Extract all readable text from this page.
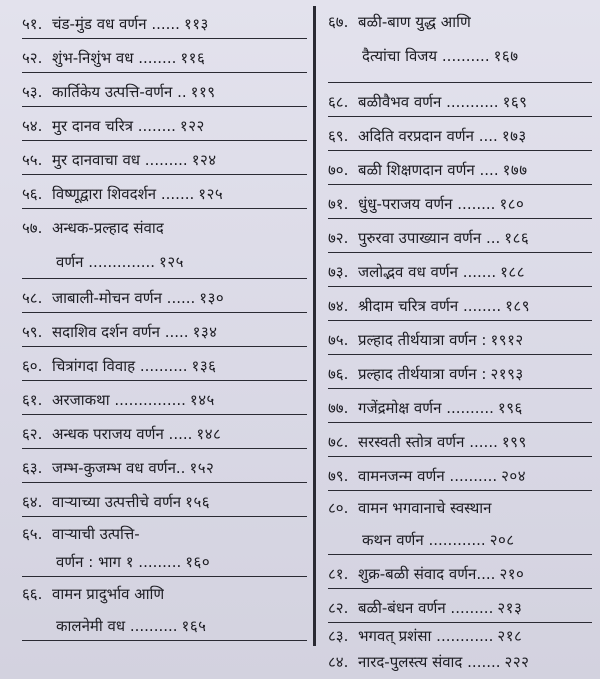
५१. चंड-मुंड वध वर्णन ...... ११३
५२. शुंभ-निशुंभ वध ........ ११६
५३. कार्तिकेय उत्पत्ति-वर्णन .. ११९
५४. मुर दानव चरित्र ........ १२२
५५. मुर दानवाचा वध ......... १२४
५६. विष्णूद्वारा शिवदर्शन ....... १२५
५७. अन्धक-प्रल्हाद संवाद
वर्णन .............. १२५
५८. जाबाली-मोचन वर्णन ...... १३०
५९. सदाशिव दर्शन वर्णन ..... १३४
६०. चित्रांगदा विवाह .......... १३६
६१. अरजाकथा ............... १४५
६२. अन्धक पराजय वर्णन ..... १४८
६३. जम्भ-कुजम्भ वध वर्णन.. १५२
६४. वाऱ्याच्या उत्पत्तीचे वर्णन १५६
६५. वाऱ्याची उत्पत्ति-
वर्णन : भाग १ ......... १६०
६६. वामन प्रादुर्भाव आणि
कालनेमी वध .......... १६५
६७. बळी-बाण युद्ध आणि
दैत्यांचा विजय .......... १६७
६८. बळीवैभव वर्णन ........... १६९
६९. अदिति वरप्रदान वर्णन .... १७३
७०. बळी शिक्षणदान वर्णन .... १७७
७१. धुंधु-पराजय वर्णन ........ १८०
७२. पुरुरवा उपाख्यान वर्णन ... १८६
७३. जलोद्भव वध वर्णन ....... १८८
७४. श्रीदाम चरित्र वर्णन ........ १८९
७५. प्रल्हाद तीर्थयात्रा वर्णन : १९१२
७६. प्रल्हाद तीर्थयात्रा वर्णन : २१९३
७७. गजेंद्रमोक्ष वर्णन .......... १९६
७८. सरस्वती स्तोत्र वर्णन ...... १९९
७९. वामनजन्म वर्णन .......... २०४
८०. वामन भगवानाचे स्वस्थान
कथन वर्णन ............ २०८
८१. शुक्र-बळी संवाद वर्णन.... २१०
८२. बळी-बंधन वर्णन ......... २१३
८३. भगवत् प्रशंसा ............ २१८
८४. नारद-पुलस्त्य संवाद ....... २२२
